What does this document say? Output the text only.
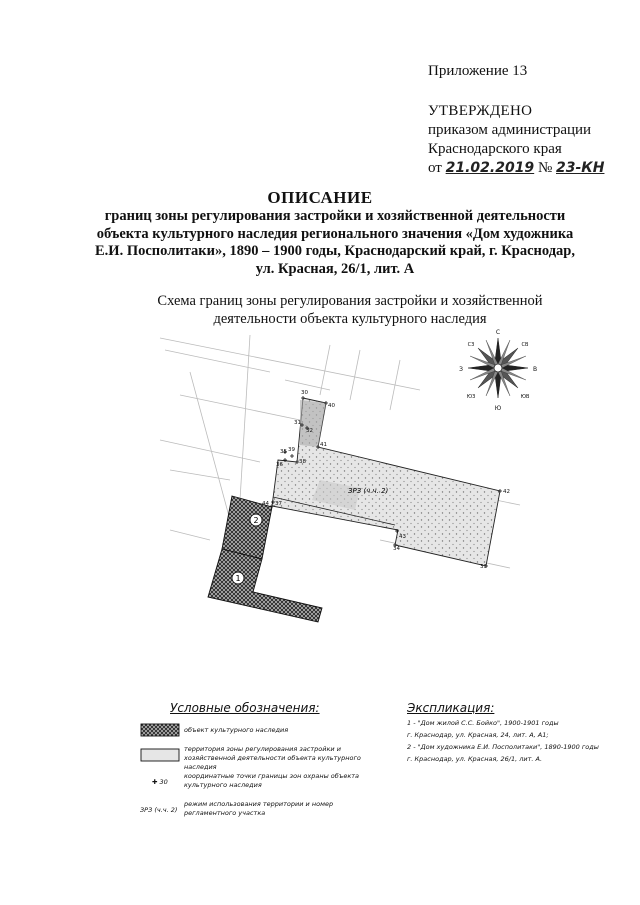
Приложение 13
УТВЕРЖДЕНО
приказом администрации
Краснодарского края
от 21.02.2019 № 23-КН
ОПИСАНИЕ
границ зоны регулирования застройки и хозяйственной деятельности
объекта культурного наследия регионального значения «Дом художника
Е.И. Посполитаки», 1890 – 1900 годы, Краснодарский край, г. Краснодар,
ул. Красная, 26/1, лит. А
Схема границ зоны регулирования застройки и хозяйственной
деятельности объекта культурного наследия
2
1
ЗРЗ (ч.ч. 2)
30
31
32
33
34
35
36
37
38
39
40
41
42
43
44
С
Ю
З	В
СЗ	СВ
ЮЗ	ЮВ
Условные обозначения:
объект культурного наследия
территория зоны регулирования застройки и хозяйственной деятельности объекта культурного наследия
✚ 30
координатные точки границы зон охраны объекта культурного наследия
ЗРЗ (ч.ч. 2)
режим использования территории и номер регламентного участка
Экспликация:
1 - "Дом жилой С.С. Бойко", 1900-1901 годы
г. Краснодар, ул. Красная, 24, лит. А, А1;
2 - "Дом художника Е.И. Посполитаки", 1890-1900 годы
г. Краснодар, ул. Красная, 26/1, лит. А.
